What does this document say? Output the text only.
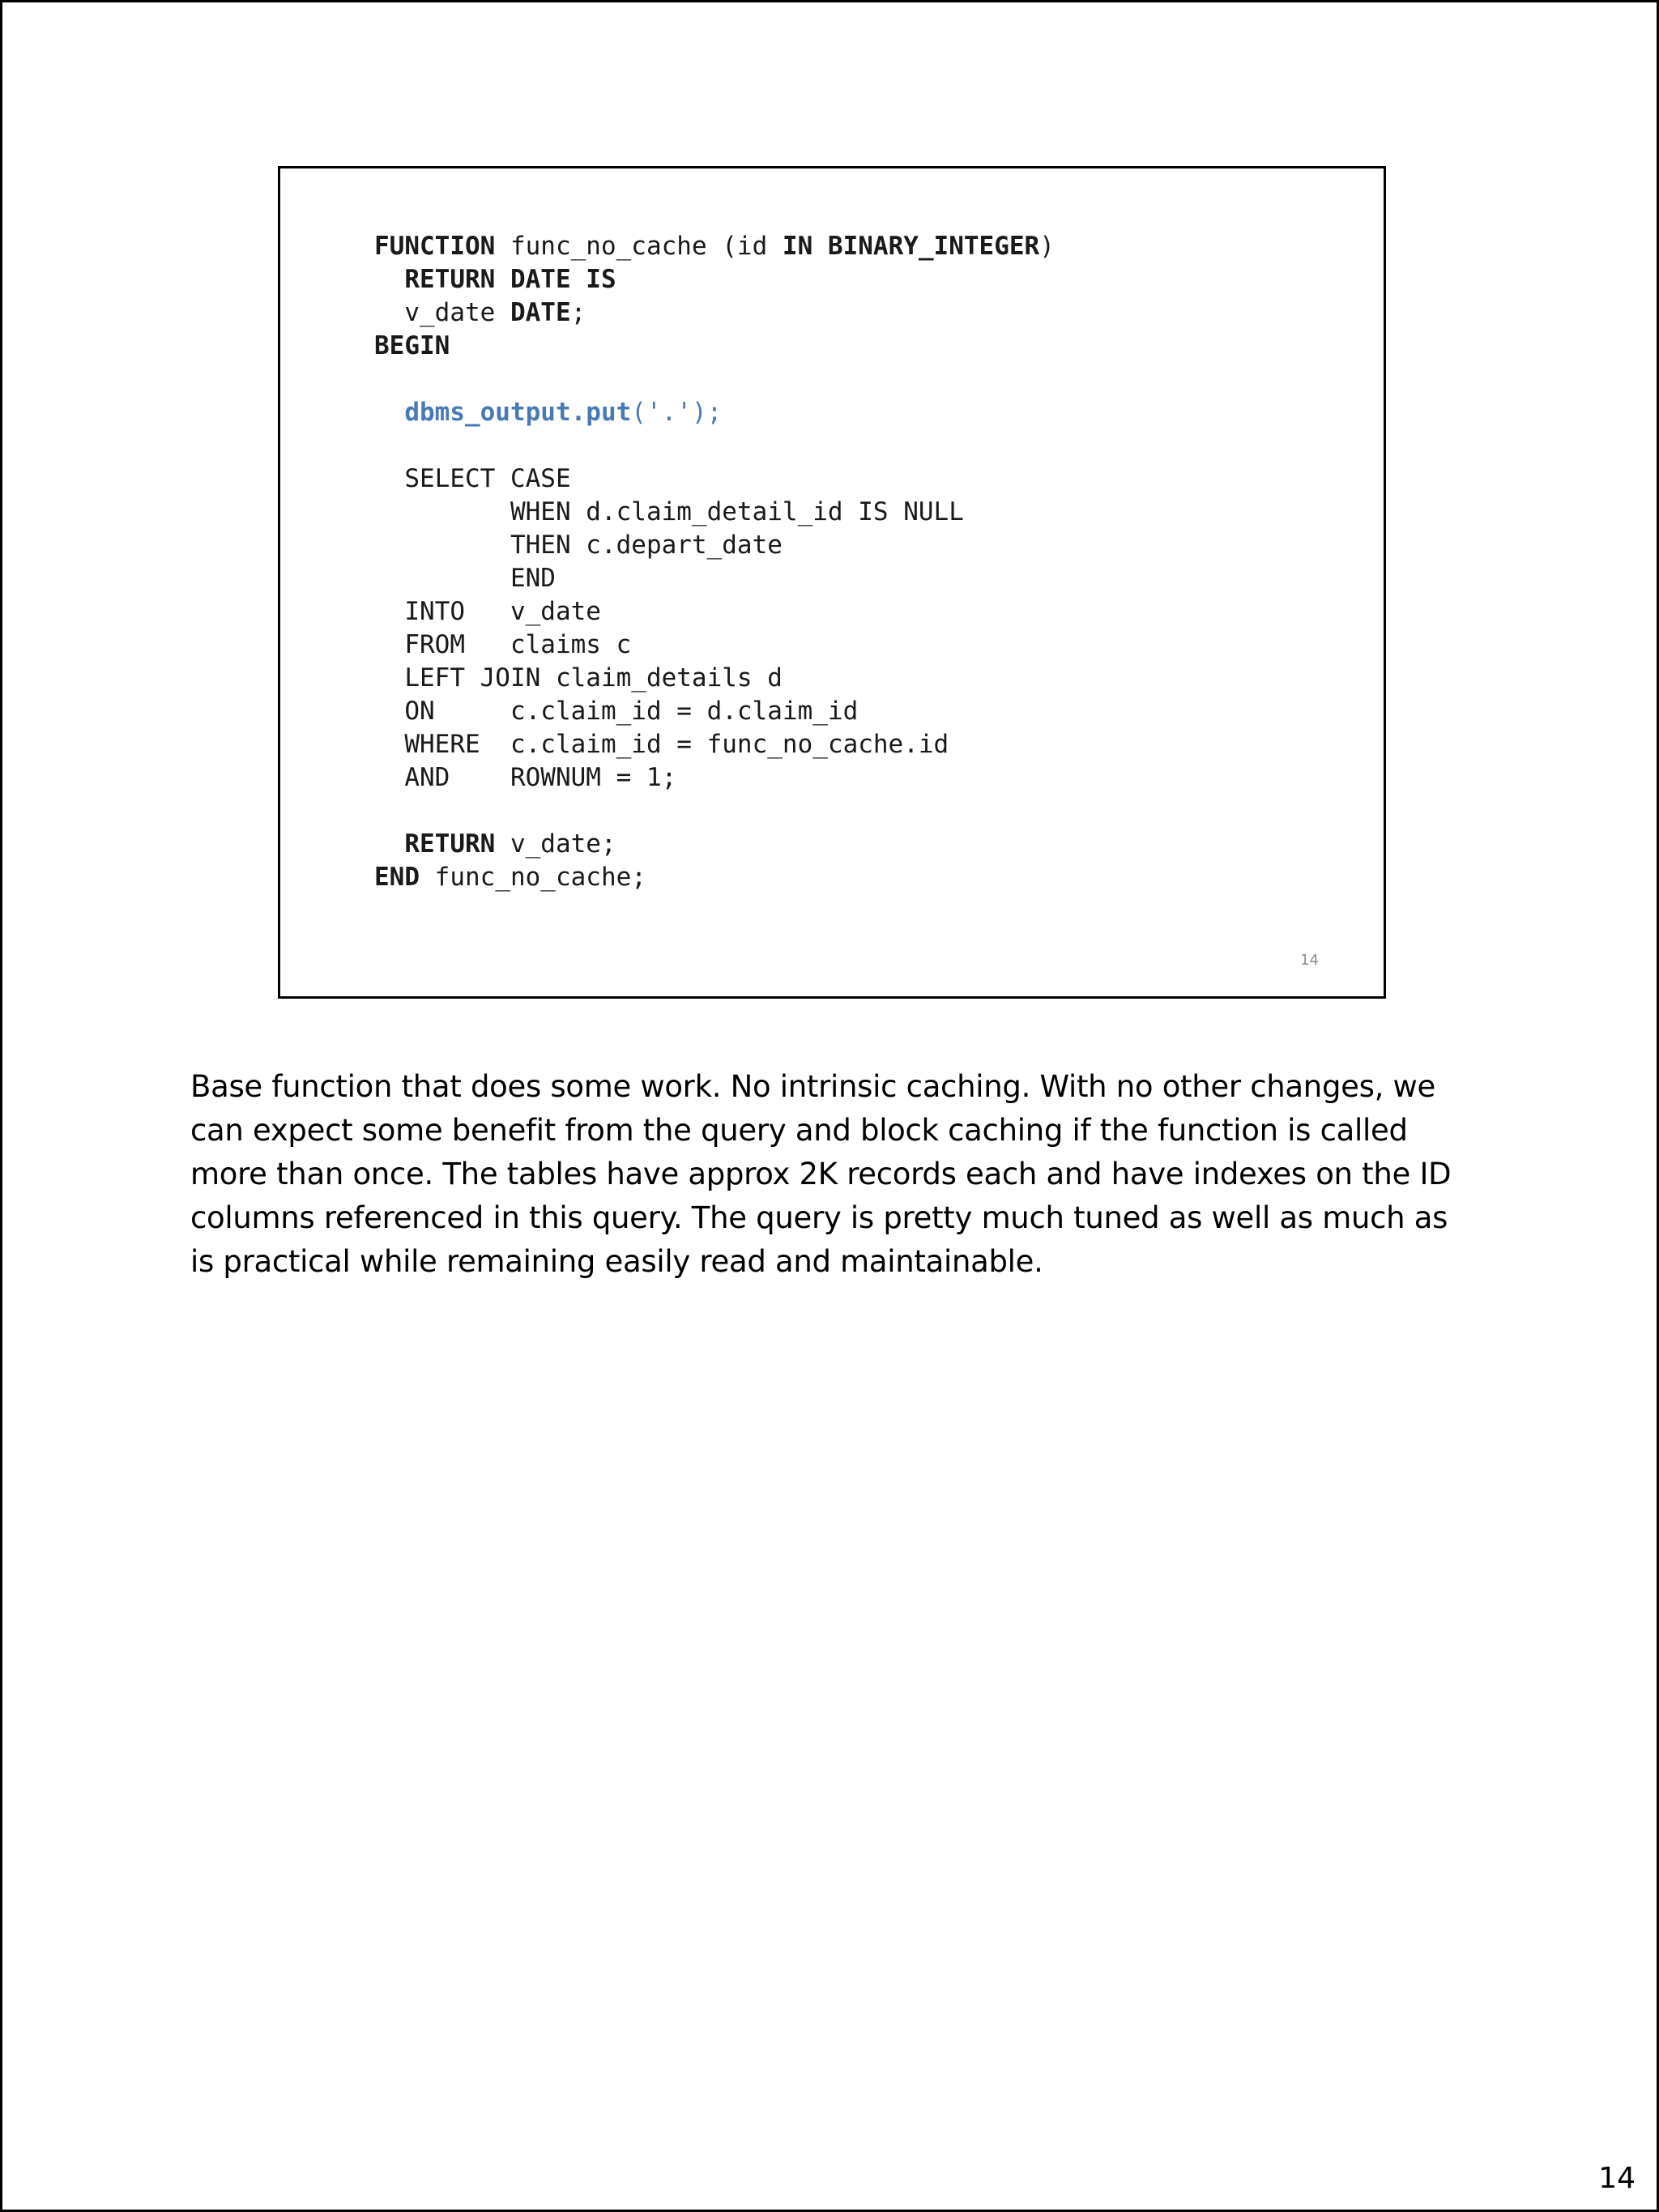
FUNCTION func_no_cache (id IN BINARY_INTEGER)
RETURN DATE IS
v_date DATE;
BEGIN
dbms_output.put('.');
SELECT CASE
WHEN d.claim_detail_id IS NULL
THEN c.depart_date
END
INTO   v_date
FROM   claims c
LEFT JOIN claim_details d
ON     c.claim_id = d.claim_id
WHERE  c.claim_id = func_no_cache.id
AND    ROWNUM = 1;
RETURN v_date;
END func_no_cache;
14

Base function that does some work. No intrinsic caching. With no other changes, we can expect some benefit from the query and block caching if the function is called more than once. The tables have approx 2K records each and have indexes on the ID columns referenced in this query. The query is pretty much tuned as well as much as is practical while remaining easily read and maintainable.

14
